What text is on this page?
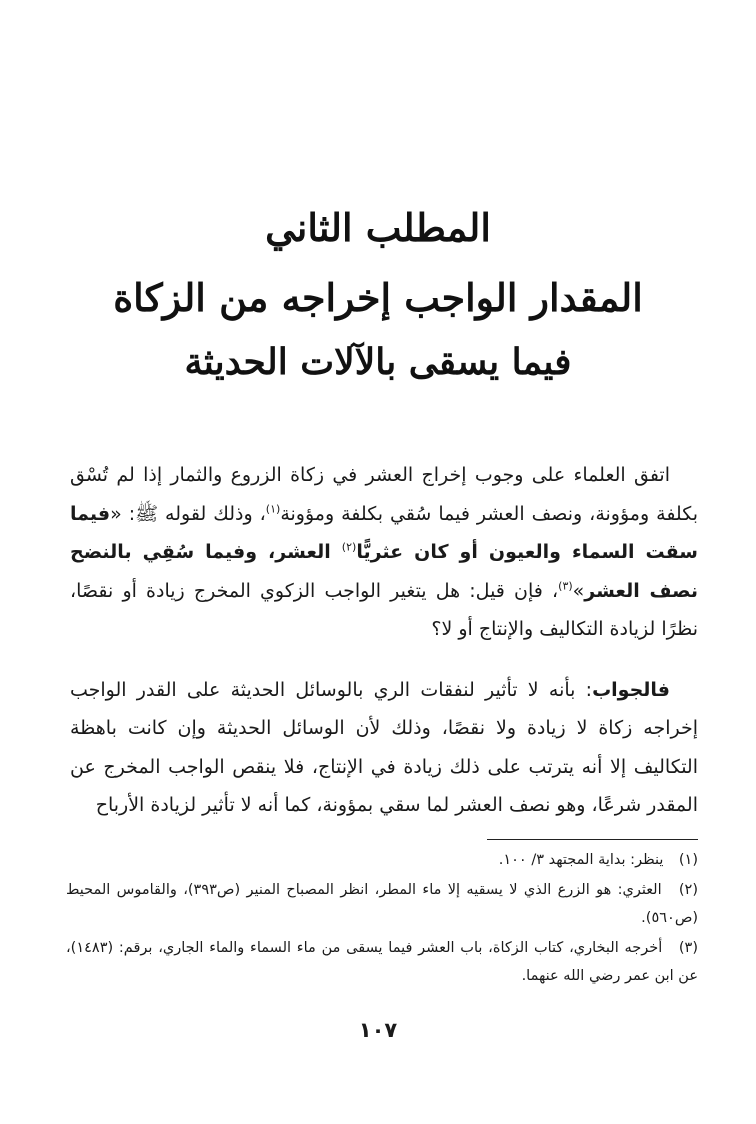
المطلب الثاني
المقدار الواجب إخراجه من الزكاة
فيما يسقى بالآلات الحديثة

اتفق العلماء على وجوب إخراج العشر في زكاة الزروع والثمار إذا لم تُسْق بكلفة ومؤونة، ونصف العشر فيما سُقي بكلفة ومؤونة$^{(١)}$، وذلك لقوله ﷺ: «فيما سقت السماء والعيون أو كان عثريًّا$^{(٢)}$ العشر، وفيما سُقِي بالنضح نصف العشر»$^{(٣)}$، فإن قيل: هل يتغير الواجب الزكوي المخرج زيادة أو نقصًا، نظرًا لزيادة التكاليف والإنتاج أو لا؟

فالجواب: بأنه لا تأثير لنفقات الري بالوسائل الحديثة على القدر الواجب إخراجه زكاة لا زيادة ولا نقصًا، وذلك لأن الوسائل الحديثة وإن كانت باهظة التكاليف إلا أنه يترتب على ذلك زيادة في الإنتاج، فلا ينقص الواجب المخرج عن المقدر شرعًا، وهو نصف العشر لما سقي بمؤونة، كما أنه لا تأثير لزيادة الأرباح

(١) ينظر: بداية المجتهد ٣/ ١٠٠.
(٢) العثري: هو الزرع الذي لا يسقيه إلا ماء المطر، انظر المصباح المنير (ص٣٩٣)، والقاموس المحيط (ص٥٦٠).
(٣) أخرجه البخاري، كتاب الزكاة، باب العشر فيما يسقى من ماء السماء والماء الجاري، برقم: (١٤٨٣)، عن ابن عمر رضي الله عنهما.
١٠٧
